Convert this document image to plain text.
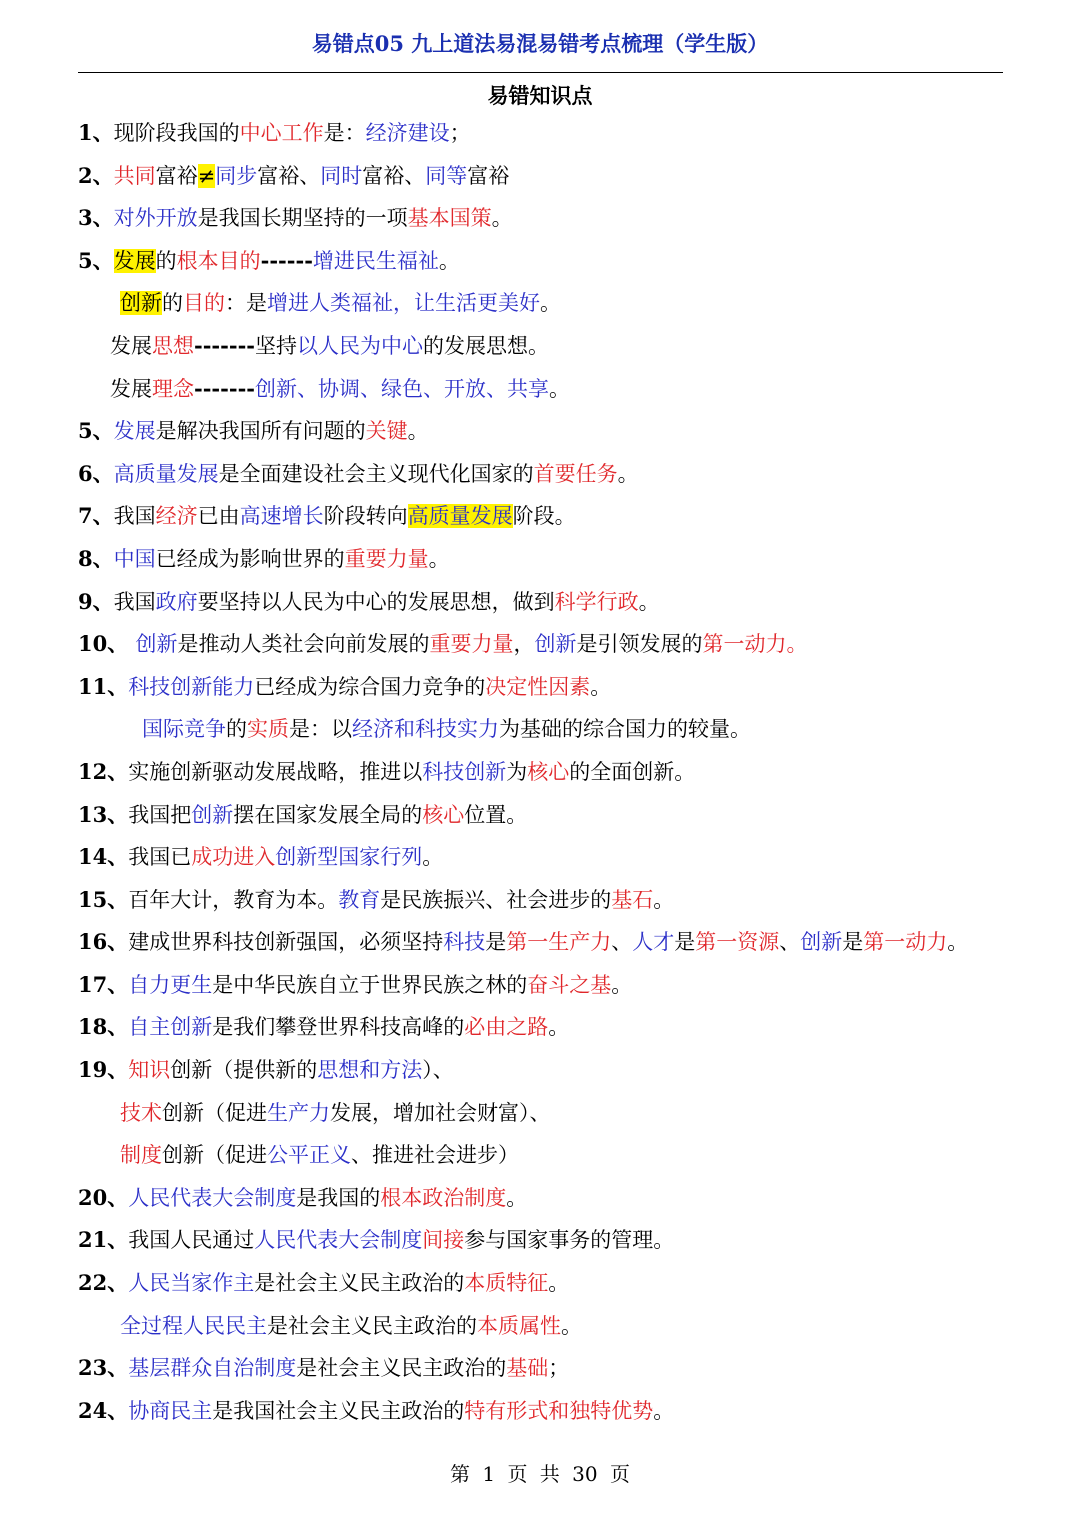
易错点05 九上道法易混易错考点梳理（学生版）
易错知识点
1、现阶段我国的中心工作是：经济建设；
2、共同富裕≠同步富裕、同时富裕、同等富裕
3、对外开放是我国长期坚持的一项基本国策。
5、发展的根本目的------增进民生福祉。
创新的目的：是增进人类福祉，让生活更美好。
发展思想-------坚持以人民为中心的发展思想。
发展理念-------创新、协调、绿色、开放、共享。
5、发展是解决我国所有问题的关键。
6、高质量发展是全面建设社会主义现代化国家的首要任务。
7、我国经济已由高速增长阶段转向高质量发展阶段。
8、中国已经成为影响世界的重要力量。
9、我国政府要坚持以人民为中心的发展思想，做到科学行政。
10、 创新是推动人类社会向前发展的重要力量，创新是引领发展的第一动力。
11、科技创新能力已经成为综合国力竞争的决定性因素。
国际竞争的实质是：以经济和科技实力为基础的综合国力的较量。
12、实施创新驱动发展战略，推进以科技创新为核心的全面创新。
13、我国把创新摆在国家发展全局的核心位置。
14、我国已成功进入创新型国家行列。
15、百年大计，教育为本。教育是民族振兴、社会进步的基石。
16、建成世界科技创新强国，必须坚持科技是第一生产力、人才是第一资源、创新是第一动力。
17、自力更生是中华民族自立于世界民族之林的奋斗之基。
18、自主创新是我们攀登世界科技高峰的必由之路。
19、知识创新（提供新的思想和方法）、
技术创新（促进生产力发展，增加社会财富）、
制度创新（促进公平正义、推进社会进步）
20、人民代表大会制度是我国的根本政治制度。
21、我国人民通过人民代表大会制度间接参与国家事务的管理。
22、人民当家作主是社会主义民主政治的本质特征。
全过程人民民主是社会主义民主政治的本质属性。
23、基层群众自治制度是社会主义民主政治的基础；
24、协商民主是我国社会主义民主政治的特有形式和独特优势。
第 1 页 共 30 页
